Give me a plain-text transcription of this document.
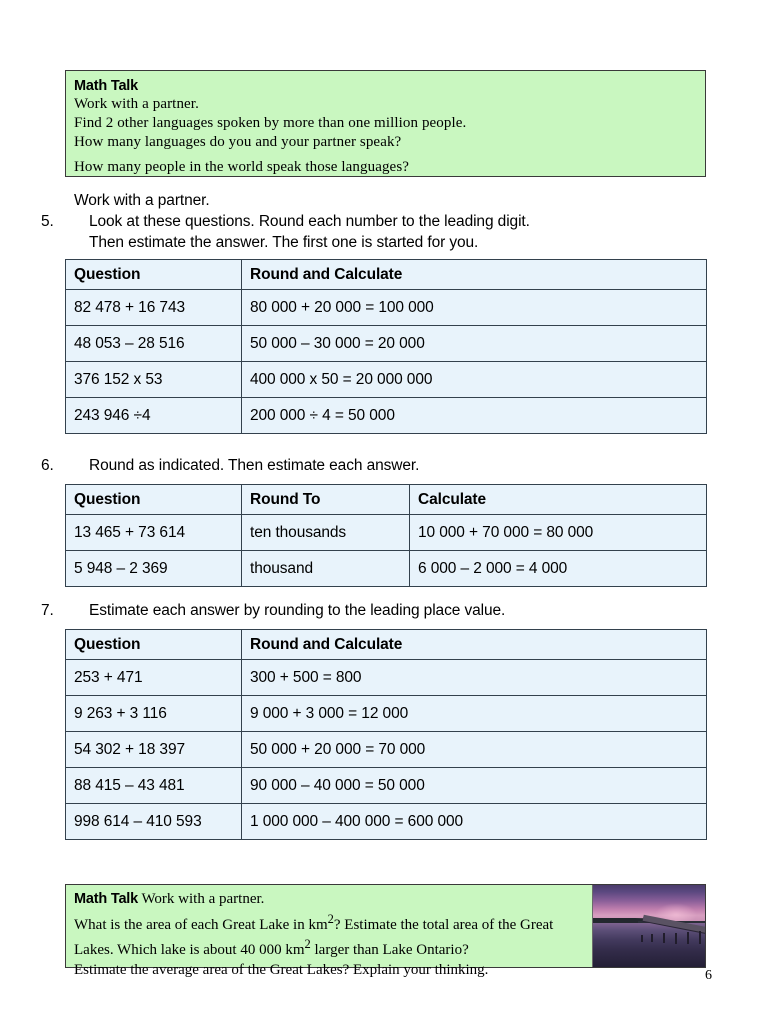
Math Talk
Work with a partner.
Find 2 other languages spoken by more than one million people.
How many languages do you and your partner speak?
How many people in the world speak those languages?
Work with a partner.
5. Look at these questions. Round each number to the leading digit.
Then estimate the answer. The first one is started for you.
Question	Round and Calculate
82 478 + 16 743	80 000 + 20 000 = 100 000
48 053 – 28 516	50 000 – 30 000 = 20 000
376 152 x 53	400 000 x 50 = 20 000 000
243 946 ÷4	200 000 ÷ 4 = 50 000
6. Round as indicated. Then estimate each answer.
Question	Round To	Calculate
13 465 + 73 614	ten thousands	10 000 + 70 000 = 80 000
5 948 – 2 369	thousand	6 000 – 2 000 = 4 000
7. Estimate each answer by rounding to the leading place value.
Question	Round and Calculate
253 + 471	300 + 500 = 800
9 263 + 3 116	9 000 + 3 000 = 12 000
54 302 + 18 397	50 000 + 20 000 = 70 000
88 415 – 43 481	90 000 – 40 000 = 50 000
998 614 – 410 593	1 000 000 – 400 000 = 600 000
Math Talk Work with a partner.
What is the area of each Great Lake in $km^2$? Estimate the total area of the Great
Lakes. Which lake is about 40 000 $km^2$ larger than Lake Ontario?
Estimate the average area of the Great Lakes? Explain your thinking.	6
